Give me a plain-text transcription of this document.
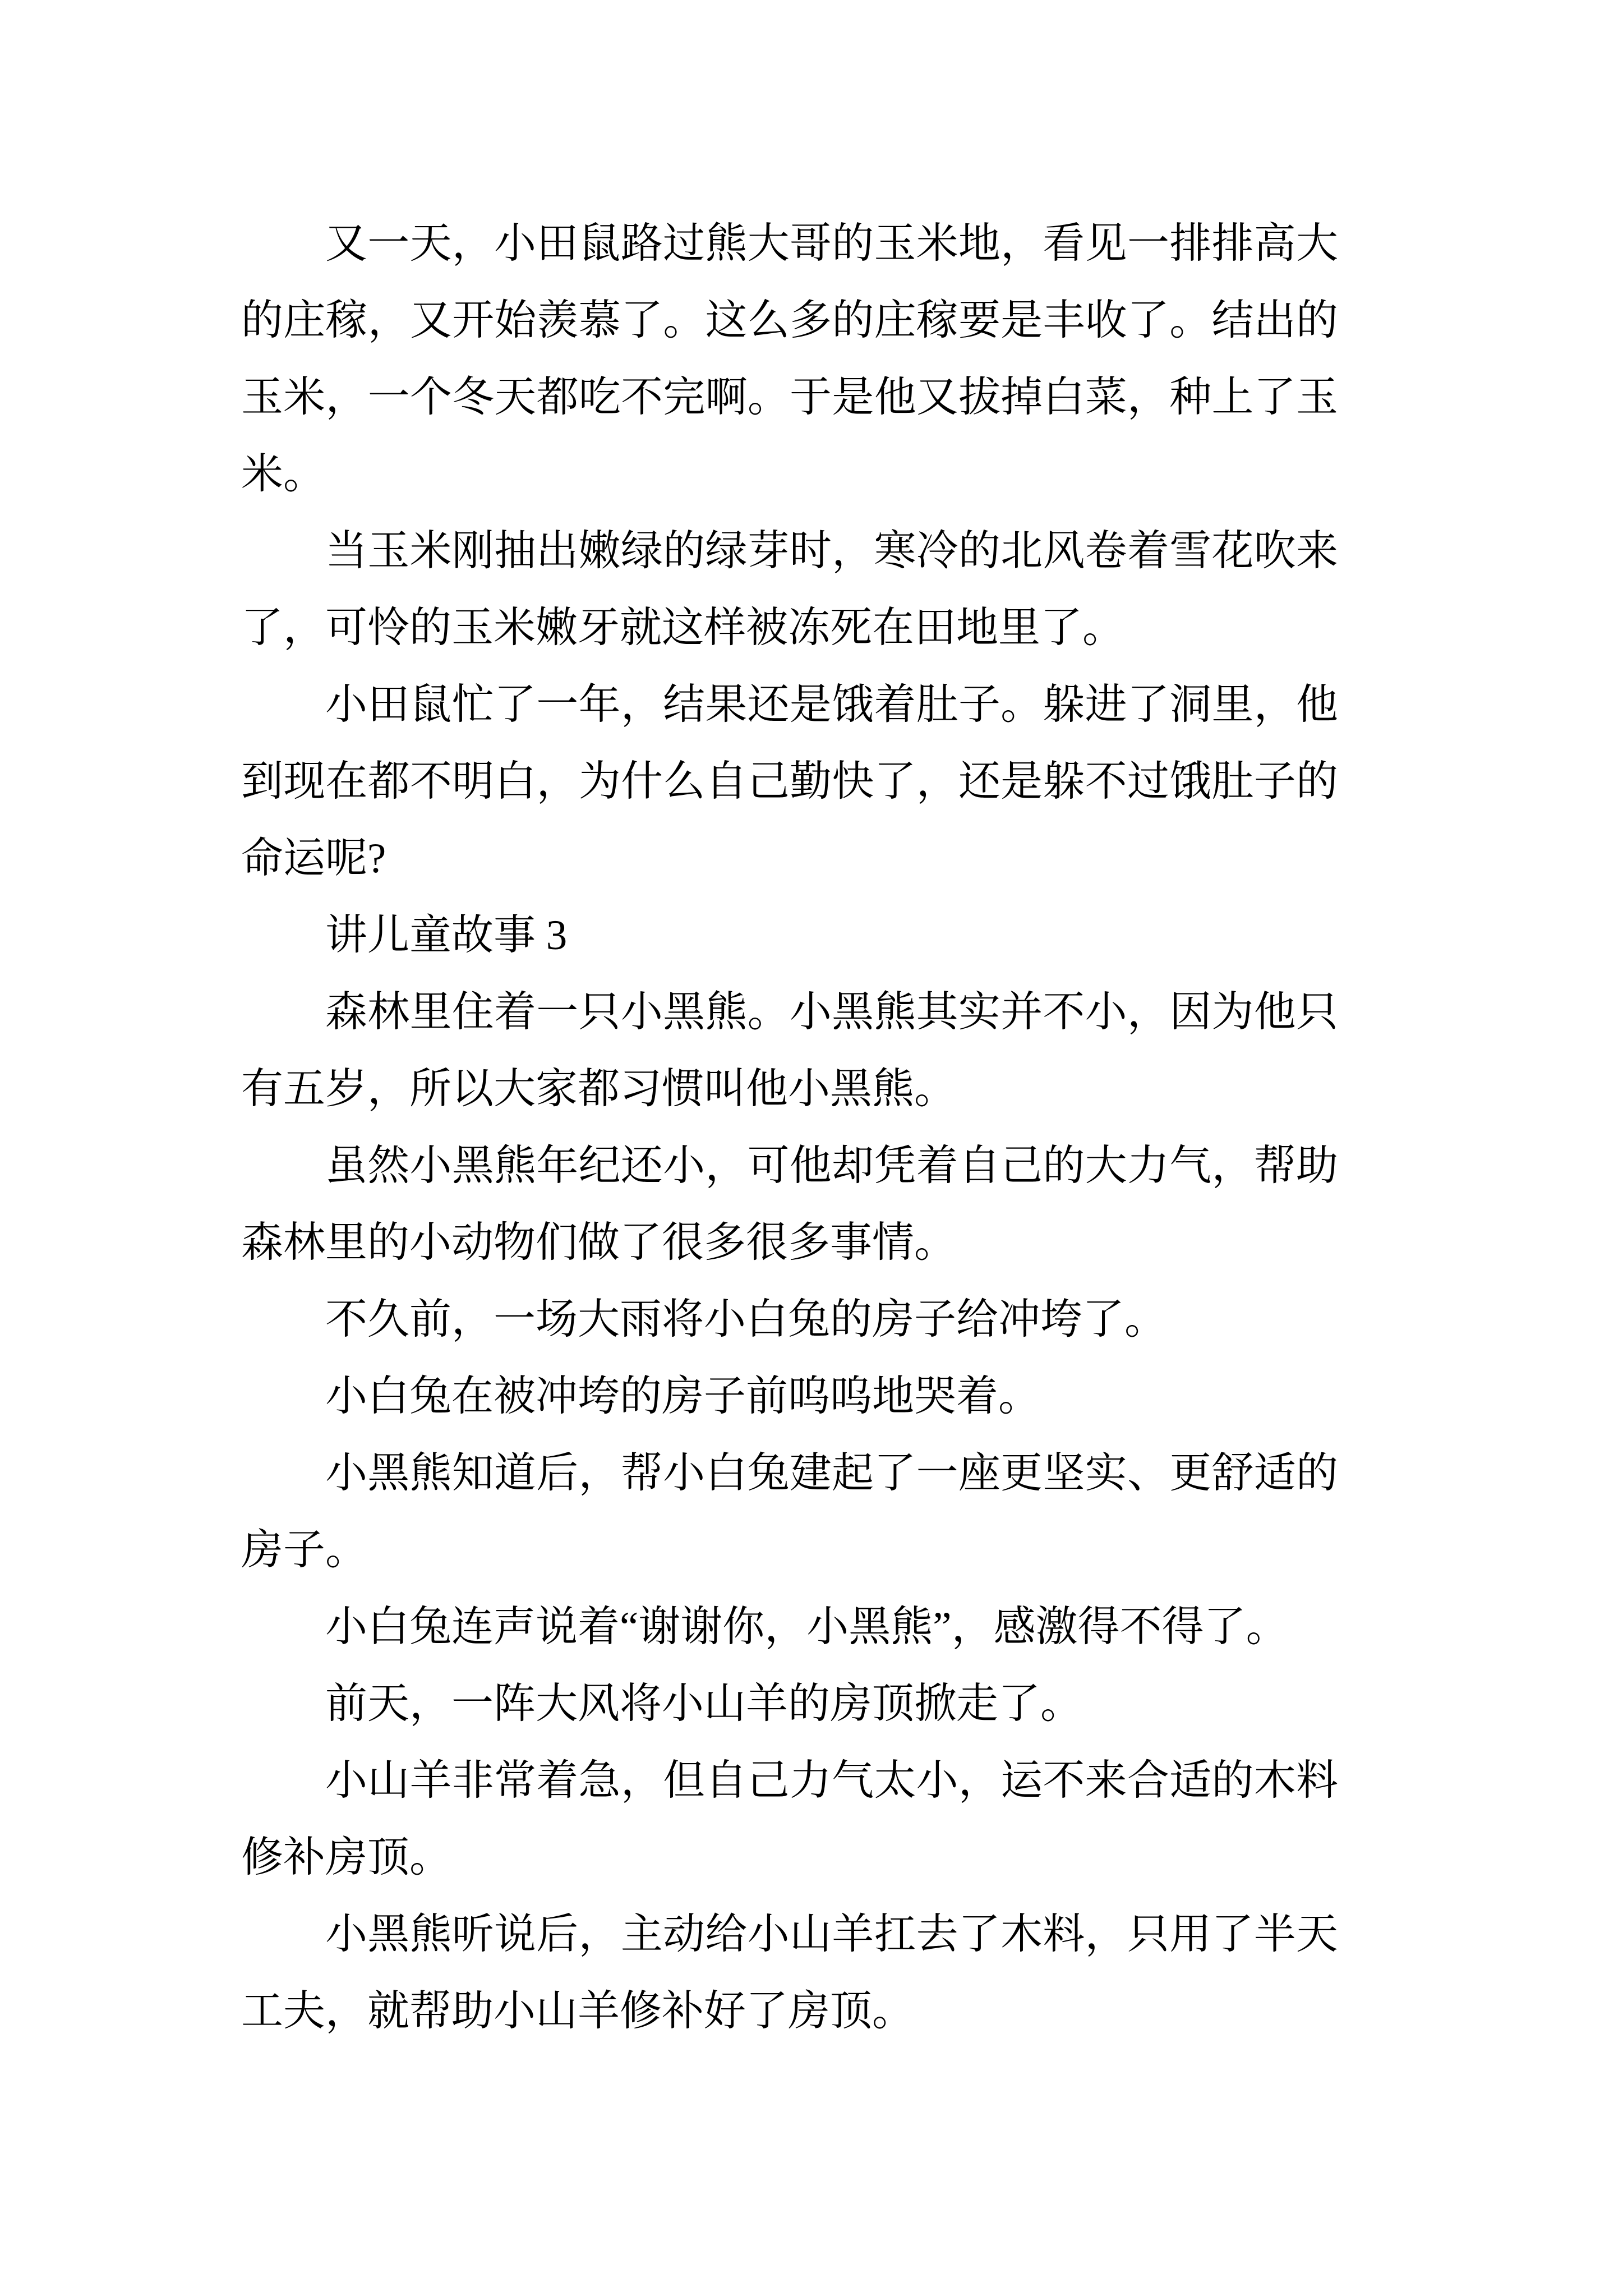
又一天，小田鼠路过熊大哥的玉米地，看见一排排高大
的庄稼，又开始羡慕了。这么多的庄稼要是丰收了。结出的
玉米，一个冬天都吃不完啊。于是他又拔掉白菜，种上了玉
米。
当玉米刚抽出嫩绿的绿芽时，寒冷的北风卷着雪花吹来
了，可怜的玉米嫩牙就这样被冻死在田地里了。
小田鼠忙了一年，结果还是饿着肚子。躲进了洞里，他
到现在都不明白，为什么自己勤快了，还是躲不过饿肚子的
命运呢?
讲儿童故事 3
森林里住着一只小黑熊。小黑熊其实并不小，因为他只
有五岁，所以大家都习惯叫他小黑熊。
虽然小黑熊年纪还小，可他却凭着自己的大力气，帮助
森林里的小动物们做了很多很多事情。
不久前，一场大雨将小白兔的房子给冲垮了。
小白兔在被冲垮的房子前呜呜地哭着。
小黑熊知道后，帮小白兔建起了一座更坚实、更舒适的
房子。
小白兔连声说着“谢谢你，小黑熊”，感激得不得了。
前天，一阵大风将小山羊的房顶掀走了。
小山羊非常着急，但自己力气太小，运不来合适的木料
修补房顶。
小黑熊听说后，主动给小山羊扛去了木料，只用了半天
工夫，就帮助小山羊修补好了房顶。
